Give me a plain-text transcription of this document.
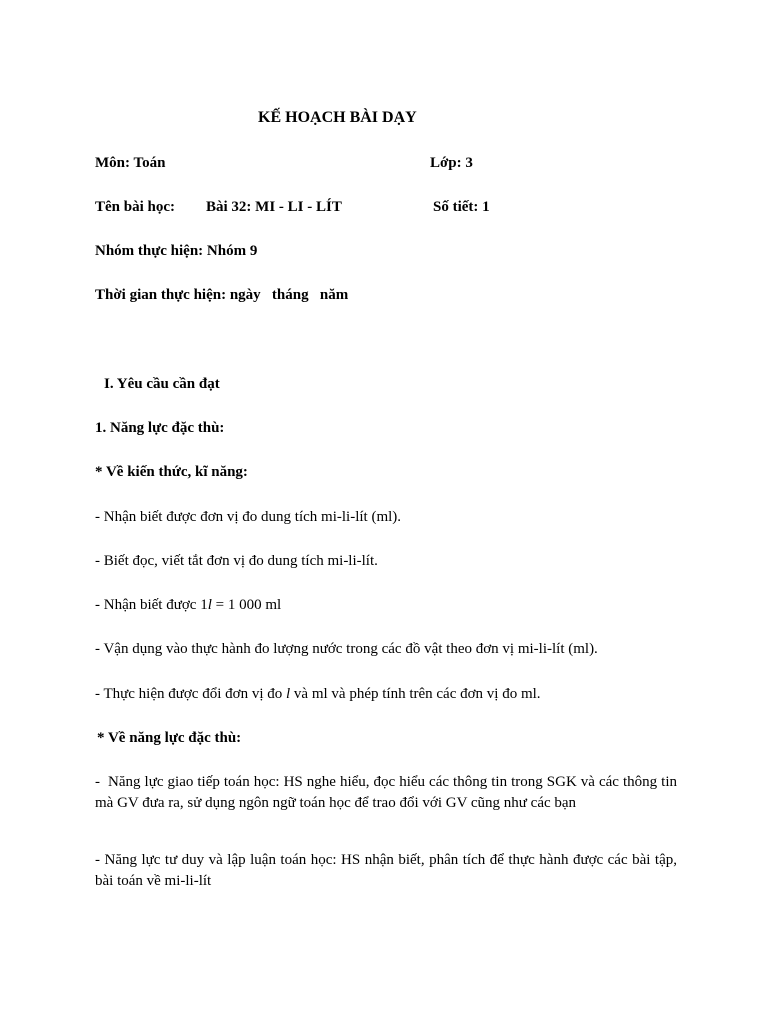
KẾ HOẠCH BÀI DẠY
Môn: Toán	Lớp: 3
Tên bài học: Bài 32: MI - LI - LÍT	Số tiết: 1
Nhóm thực hiện: Nhóm 9
Thời gian thực hiện: ngày   tháng   năm
I. Yêu cầu cần đạt
1. Năng lực đặc thù:
* Về kiến thức, kĩ năng:
- Nhận biết được đơn vị đo dung tích mi-li-lít (ml).
- Biết đọc, viết tắt đơn vị đo dung tích mi-li-lít.
- Nhận biết được 1l = 1 000 ml
- Vận dụng vào thực hành đo lượng nước trong các đồ vật theo đơn vị mi-li-lít (ml).
- Thực hiện được đổi đơn vị đo l và ml và phép tính trên các đơn vị đo ml.
* Về năng lực đặc thù:
-  Năng lực giao tiếp toán học: HS nghe hiểu, đọc hiểu các thông tin trong SGK và các thông tin mà GV đưa ra, sử dụng ngôn ngữ toán học để trao đổi với GV cũng như các bạn
- Năng lực tư duy và lập luận toán học: HS nhận biết, phân tích để thực hành được các bài tập, bài toán về mi-li-lít
